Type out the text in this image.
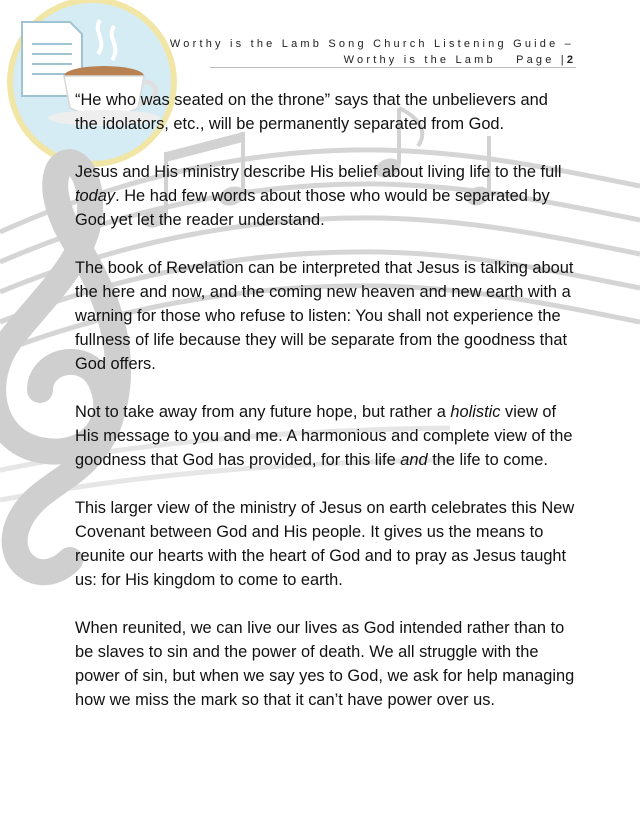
Worthy is the Lamb Song Church Listening Guide –
Worthy is the Lamb Page |2

“He who was seated on the throne” says that the unbelievers and the idolators, etc., will be permanently separated from God.

Jesus and His ministry describe His belief about living life to the full today. He had few words about those who would be separated by God yet let the reader understand.

The book of Revelation can be interpreted that Jesus is talking about the here and now, and the coming new heaven and new earth with a warning for those who refuse to listen: You shall not experience the fullness of life because they will be separate from the goodness that God offers.

Not to take away from any future hope, but rather a holistic view of His message to you and me. A harmonious and complete view of the goodness that God has provided, for this life and the life to come.

This larger view of the ministry of Jesus on earth celebrates this New Covenant between God and His people. It gives us the means to reunite our hearts with the heart of God and to pray as Jesus taught us: for His kingdom to come to earth.

When reunited, we can live our lives as God intended rather than to be slaves to sin and the power of death. We all struggle with the power of sin, but when we say yes to God, we ask for help managing how we miss the mark so that it can’t have power over us.
